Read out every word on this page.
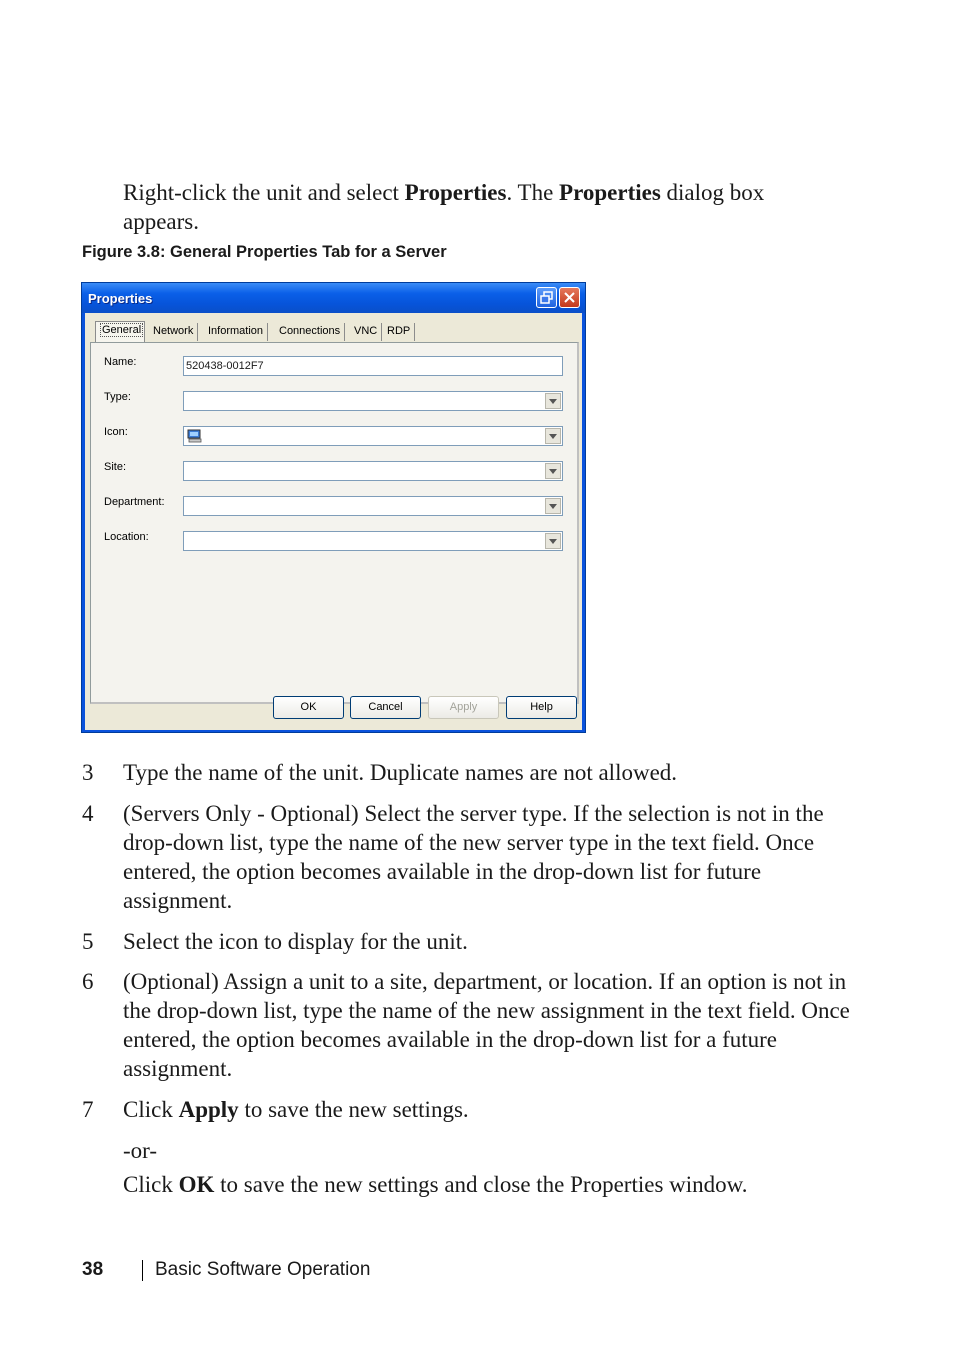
Right-click the unit and select Properties. The Properties dialog box appears.

Figure 3.8: General Properties Tab for a Server
Properties
General	Network	Information	Connections	VNC RDP
Name:	520438-0012F7
Type:
Icon:
Site:
Department:
Location:
OK	Cancel	Apply	Help
3 Type the name of the unit. Duplicate names are not allowed.
4 (Servers Only - Optional) Select the server type. If the selection is not in the drop-down list, type the name of the new server type in the text field. Once entered, the option becomes available in the drop-down list for future assignment.
5 Select the icon to display for the unit.
6 (Optional) Assign a unit to a site, department, or location. If an option is not in the drop-down list, type the name of the new assignment in the text field. Once entered, the option becomes available in the drop-down list for a future assignment.
7 Click Apply to save the new settings.
-or-
Click OK to save the new settings and close the Properties window.
38	Basic Software Operation
